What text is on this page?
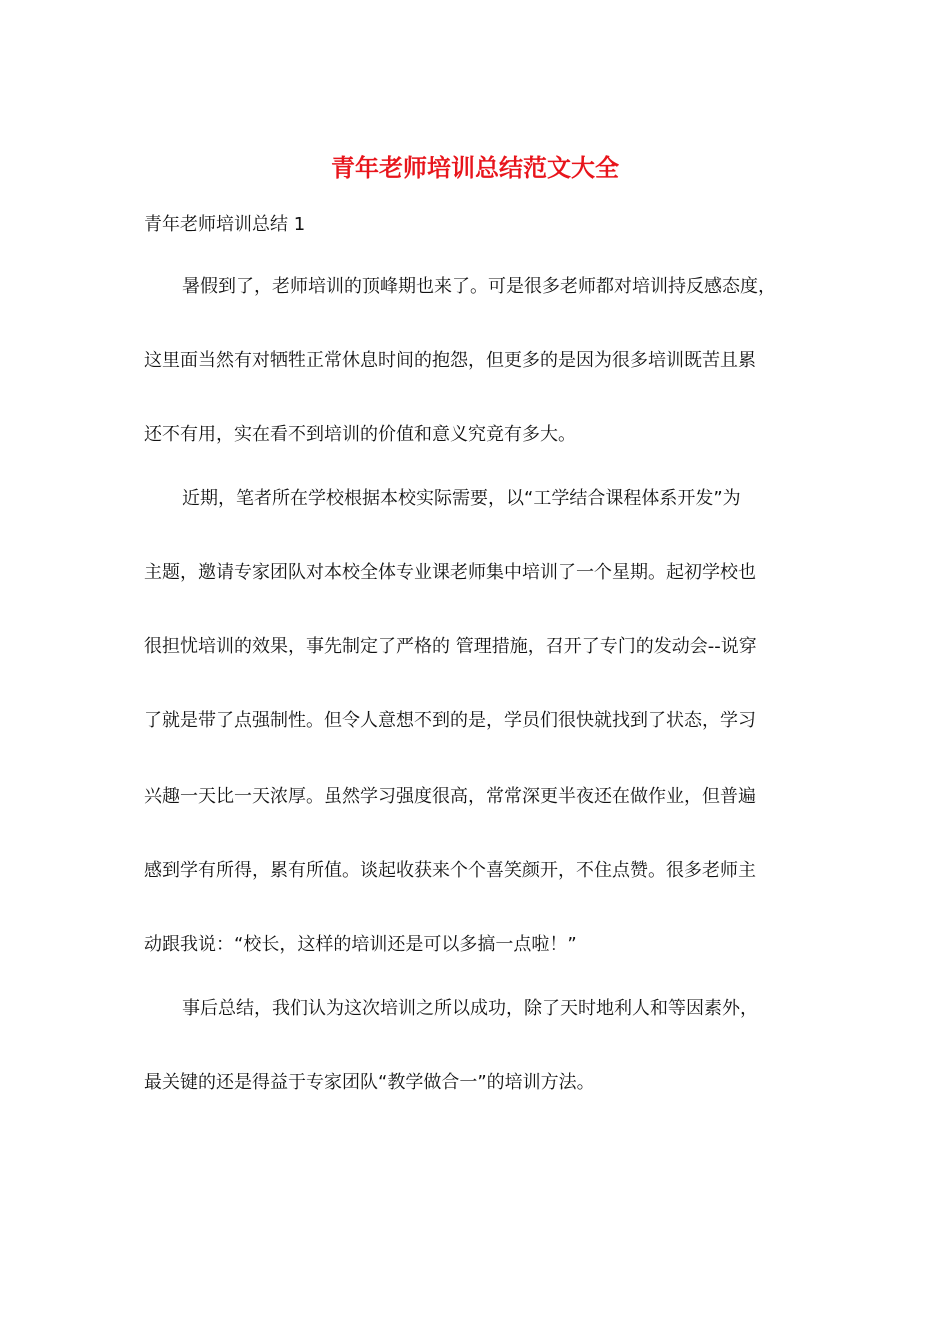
青年老师培训总结范文大全
青年老师培训总结 1
暑假到了，老师培训的顶峰期也来了。可是很多老师都对培训持反感态度，
这里面当然有对牺牲正常休息时间的抱怨，但更多的是因为很多培训既苦且累
还不有用，实在看不到培训的价值和意义究竟有多大。
近期，笔者所在学校根据本校实际需要，以“工学结合课程体系开发”为
主题，邀请专家团队对本校全体专业课老师集中培训了一个星期。起初学校也
很担忧培训的效果，事先制定了严格的 管理措施，召开了专门的发动会--说穿
了就是带了点强制性。但令人意想不到的是，学员们很快就找到了状态，学习
兴趣一天比一天浓厚。虽然学习强度很高，常常深更半夜还在做作业，但普遍
感到学有所得，累有所值。谈起收获来个个喜笑颜开，不住点赞。很多老师主
动跟我说：“校长，这样的培训还是可以多搞一点啦！”
事后总结，我们认为这次培训之所以成功，除了天时地利人和等因素外，
最关键的还是得益于专家团队“教学做合一”的培训方法。
